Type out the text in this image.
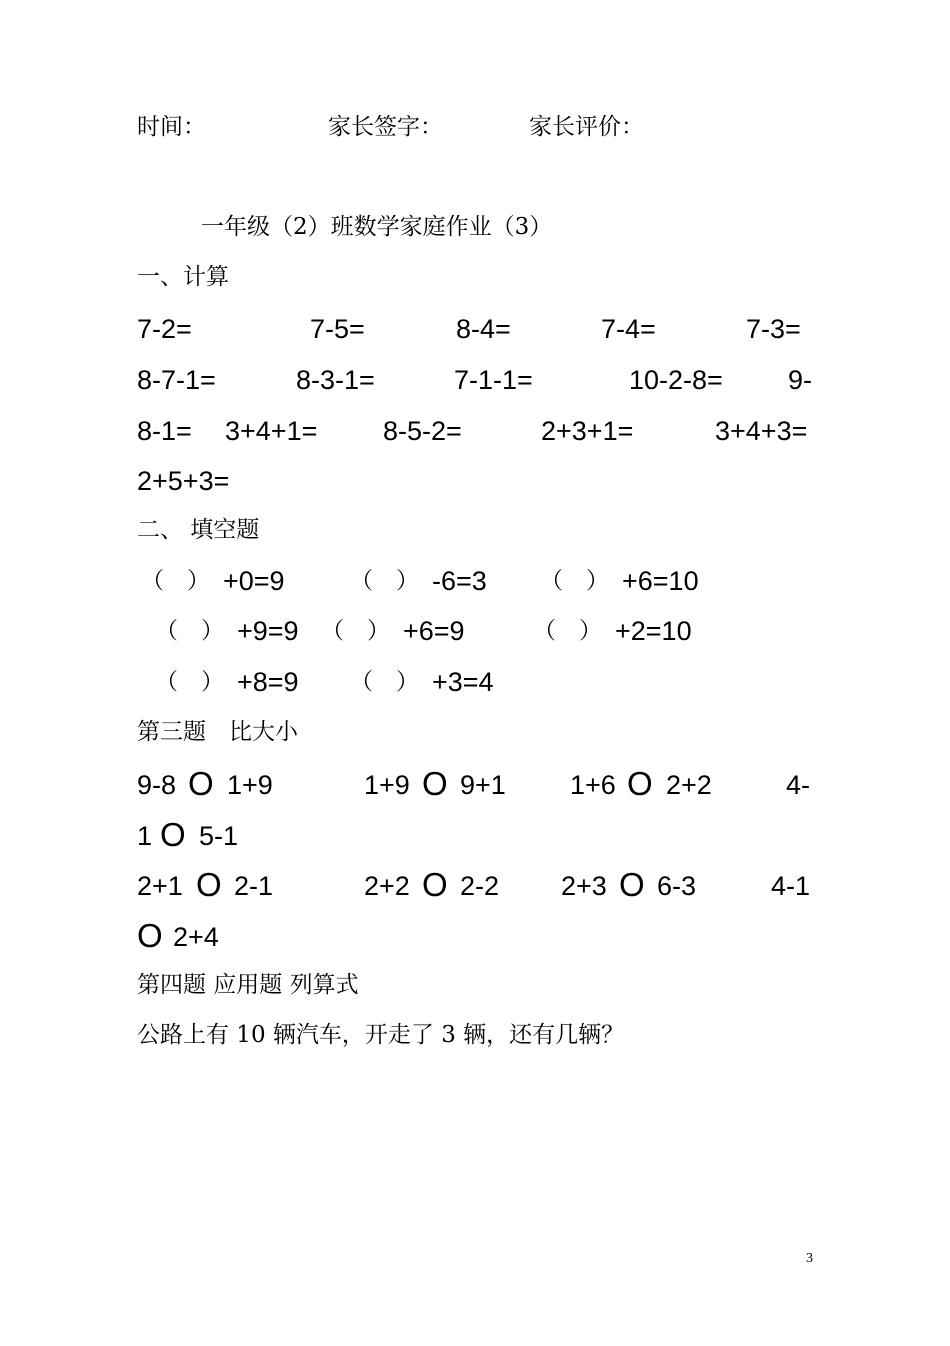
时间：	家长签字：	家长评价：
一年级（2）班数学家庭作业（3）
一、计算
7-2=	7-5=	8-4=	7-4=	7-3=
8-7-1=	8-3-1=	7-1-1=	10-2-8= 9-
8-1= 3+4+1= 8-5-2=	2+3+1=	3+4+3=
2+5+3=
二、 填空题
（　） +0=9	（　） -6=3 （　） +6=10
（　） +9=9 （　） +6=9	（　） +2=10
（　） +8=9 （　） +3=4
第三题　比大小
9-8 O 1+9	1+9 O 9+1 1+6 O 2+2	4-
1 O 5-1
2+1 O 2-1	2+2 O 2-2 2+3 O 6-3	4-1
O 2+4
第四题 应用题 列算式
公路上有 10 辆汽车，开走了 3 辆，还有几辆？
3
